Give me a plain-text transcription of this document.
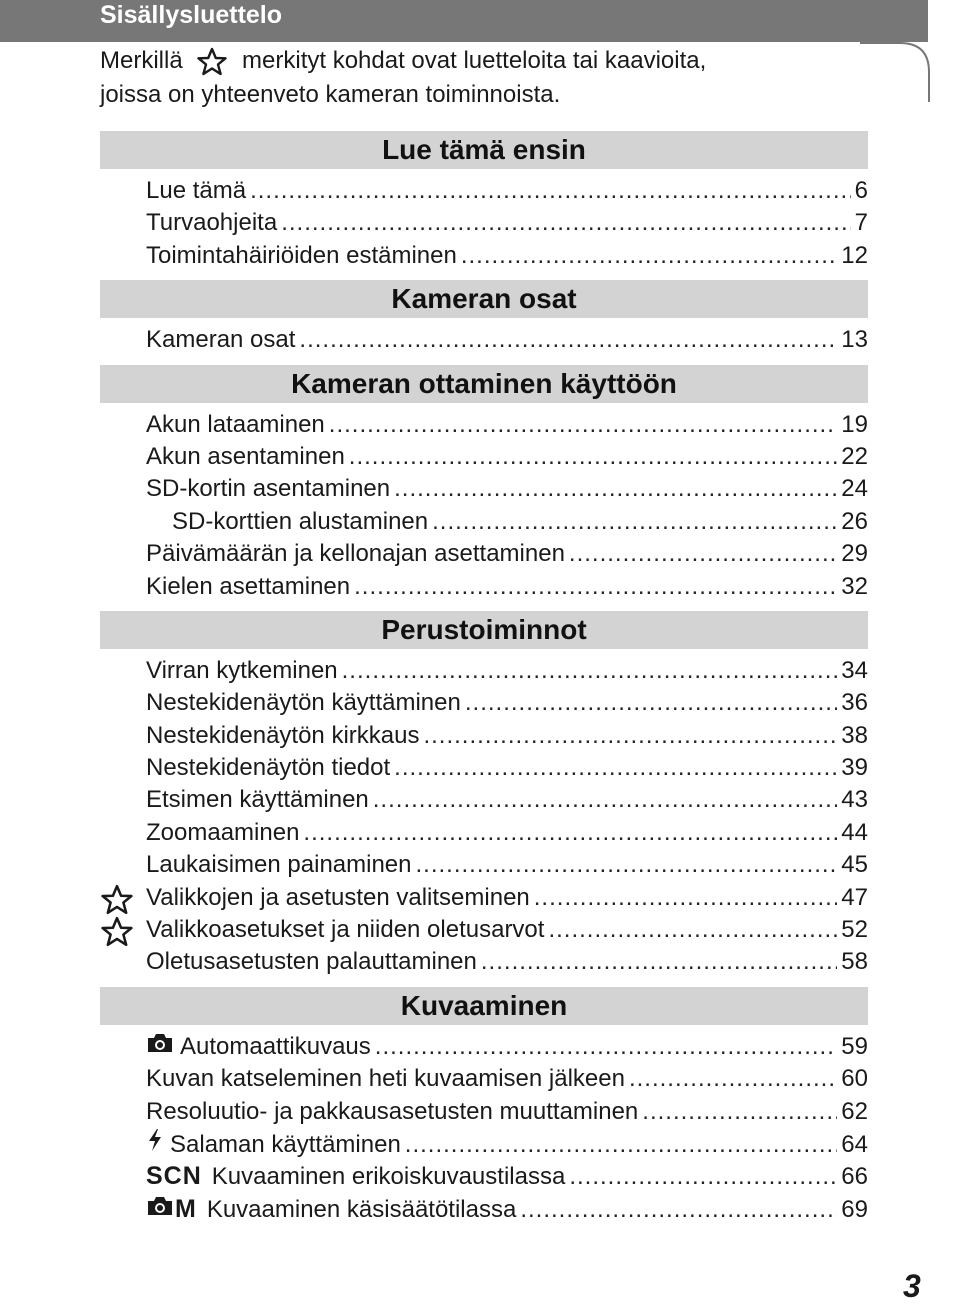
Sisällysluettelo
Merkillä merkityt kohdat ovat luetteloita tai kaavioita,
joissa on yhteenveto kameran toiminnoista.
Lue tämä ensin
Lue tämä .....	6
Turvaohjeita .....	7
Toimintahäiriöiden estäminen .....	12
Kameran osat
Kameran osat .....	13
Kameran ottaminen käyttöön
Akun lataaminen .....	19
Akun asentaminen .....	22
SD-kortin asentaminen .....	24
SD-korttien alustaminen .....	26
Päivämäärän ja kellonajan asettaminen .....	29
Kielen asettaminen .....	32
Perustoiminnot
Virran kytkeminen .....	34
Nestekidenäytön käyttäminen .....	36
Nestekidenäytön kirkkaus .....	38
Nestekidenäytön tiedot .....	39
Etsimen käyttäminen .....	43
Zoomaaminen .....	44
Laukaisimen painaminen .....	45
Valikkojen ja asetusten valitseminen .....	47
Valikkoasetukset ja niiden oletusarvot .....	52
Oletusasetusten palauttaminen .....	58
Kuvaaminen
Automaattikuvaus .....	59
Kuvan katseleminen heti kuvaamisen jälkeen .....	60
Resoluutio- ja pakkausasetusten muuttaminen .....	62
Salaman käyttäminen .....	64
SCN Kuvaaminen erikoiskuvaustilassa .....	66
M Kuvaaminen käsisäätötilassa .....	69
3
